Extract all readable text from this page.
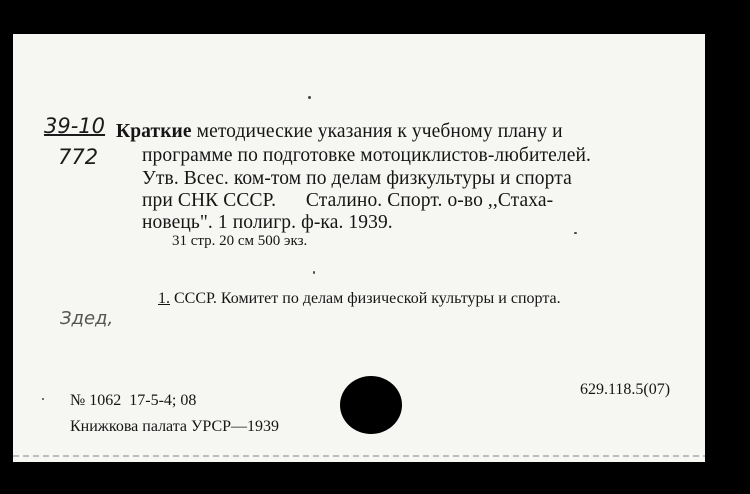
39-10
772
Краткие методические указания к учебному плану и
программе по подготовке мотоциклистов-любителей.
Утв. Всес. ком-том по делам физкультуры и спорта
при СНК СССР.      Сталино. Спорт. о-во ,,Стаха-
новець". 1 полигр. ф-ка. 1939.
31 стр. 20 см 500 экз.
1. СССР. Комитет по делам физической культуры и спорта.
Здед,
№ 1062  17-5-4; 08
629.118.5(07)
Книжкова палата УРСР—1939
